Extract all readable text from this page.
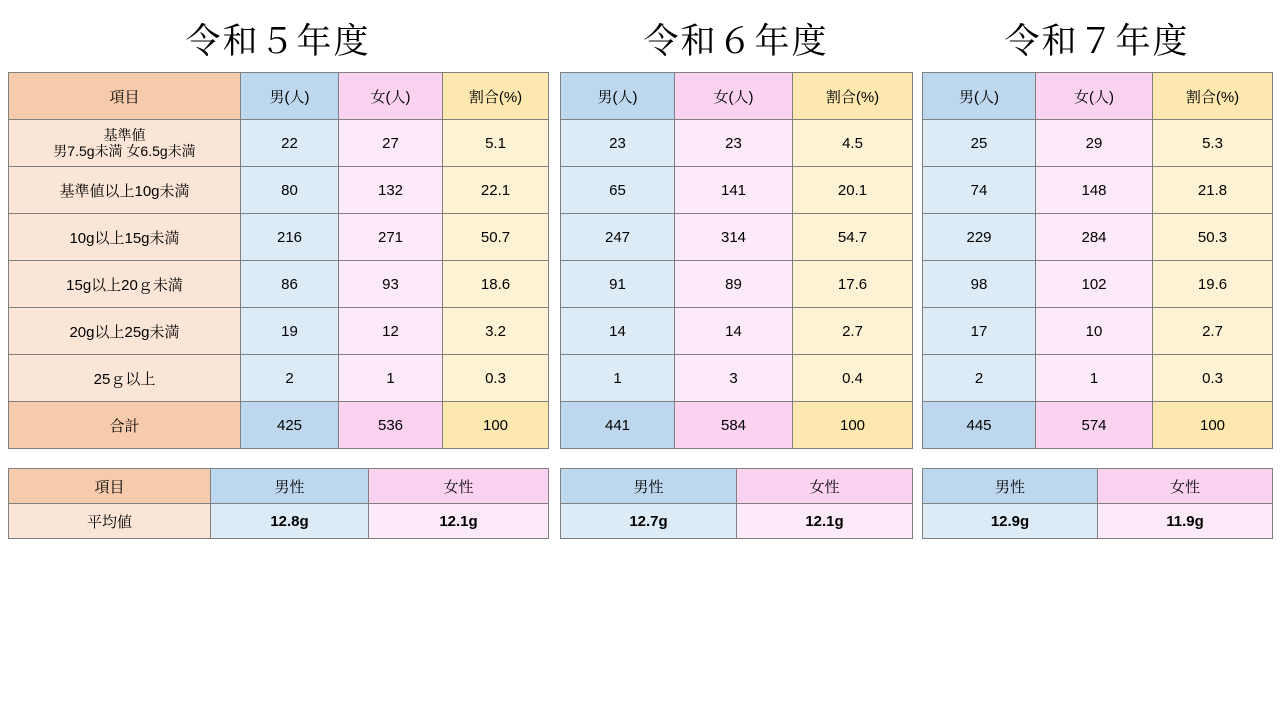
令和５年度
項目	男(人)	女(人)	割合(%)

基準値
男7.5g未満 女6.5g未満	22	27	5.1
基準値以上10g未満	80	132	22.1
10g以上15g未満	216	271	50.7
15g以上20ｇ未満	86	93	18.6
20g以上25g未満	19	12	3.2
25ｇ以上	2	1	0.3
合計	425	536	100
項目	男性	女性
平均値	12.8g	12.1g
令和６年度
男(人)	女(人)	割合(%)
23	23	4.5
65	141	20.1
247	314	54.7
91	89	17.6
14	14	2.7
1	3	0.4
441	584	100
男性	女性
12.7g	12.1g
令和７年度
男(人)	女(人)	割合(%)
25	29	5.3
74	148	21.8
229	284	50.3
98	102	19.6
17	10	2.7
2	1	0.3
445	574	100
男性	女性
12.9g	11.9g
